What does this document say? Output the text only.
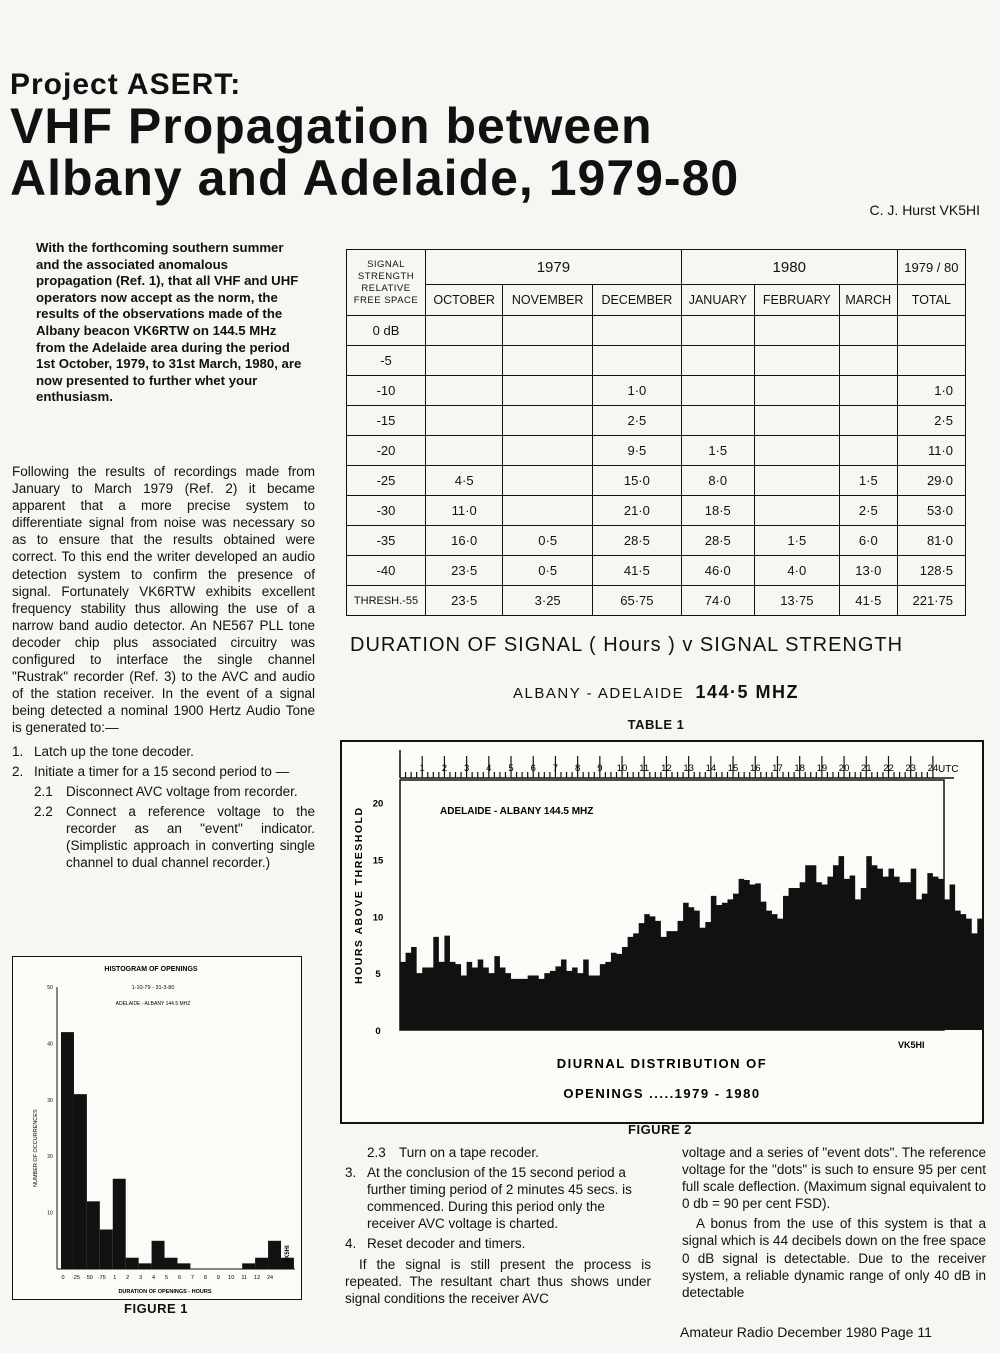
Project ASERT:
VHF Propagation between
Albany and Adelaide, 1979-80
C. J. Hurst VK5HI
With the forthcoming southern summer and the associated anomalous propagation (Ref. 1), that all VHF and UHF operators now accept as the norm, the results of the observations made of the Albany beacon VK6RTW on 144.5 MHz from the Adelaide area during the period 1st October, 1979, to 31st March, 1980, are now presented to further whet your enthusiasm.

Following the results of recordings made from January to March 1979 (Ref. 2) it became apparent that a more precise system to differentiate signal from noise was necessary so as to ensure that the results obtained were correct. To this end the writer developed an audio detection system to confirm the presence of signal. Fortunately VK6RTW exhibits excellent frequency stability thus allowing the use of a narrow band audio detector. An NE567 PLL tone decoder chip plus associated circuitry was configured to interface the single channel "Rustrak" recorder (Ref. 3) to the AVC and audio of the station receiver. In the event of a signal being detected a nominal 1900 Hertz Audio Tone is generated to:—

1. Latch up the tone decoder.
2. Initiate a timer for a 15 second period to —
2.1 Disconnect AVC voltage from recorder.
2.2 Connect a reference voltage to the recorder as an "event" indicator. (Simplistic approach in converting single channel to dual channel recorder.)
SIGNAL
STRENGTH
RELATIVE
FREE SPACE	1979			1980			1979 / 80
	OCTOBER	NOVEMBER	DECEMBER	JANUARY	FEBRUARY	MARCH	TOTAL
0 dB							
-5							
-10			1·0				1·0
-15			2·5				2·5
-20			9·5	1·5			11·0
-25	4·5		15·0	8·0		1·5	29·0
-30	11·0		21·0	18·5		2·5	53·0
-35	16·0	0·5	28·5	28·5	1·5	6·0	81·0
-40	23·5	0·5	41·5	46·0	4·0	13·0	128·5
THRESH.-55	23·5	3·25	65·75	74·0	13·75	41·5	221·75
DURATION OF SIGNAL ( Hours ) v SIGNAL STRENGTH
ALBANY - ADELAIDE 144·5 MHZ
TABLE 1
1 2 3 4 5 6 7 8 9 10 11 12 13 14 15 16 17 18 19 20 21 22 23 24
0
5
10
15
20
UTC
ADELAIDE - ALBANY 144.5 MHZ
HOURS ABOVE THRESHOLD
VK5HI
DIURNAL DISTRIBUTION OF
OPENINGS .....1979 - 1980
FIGURE 2
HISTOGRAM OF OPENINGS
1-10-79 - 31-3-80
ADELAIDE - ALBANY 144.5 MHZ
0 ·25 ·50 ·75 1 2 3 4 5 6 7 8 9 10 11 12 24
10
20
30
40
50
NUMBER OF OCCURRENCES
DURATION OF OPENINGS - HOURS
VK5HI
FIGURE 1
2.3 Turn on a tape recoder.
3. At the conclusion of the 15 second period a further timing period of 2 minutes 45 secs. is commenced. During this period only the receiver AVC voltage is charted.
4. Reset decoder and timers.

If the signal is still present the process is repeated. The resultant chart thus shows under signal conditions the receiver AVC

voltage and a series of "event dots". The reference voltage for the "dots" is such to ensure 95 per cent full scale deflection. (Maximum signal equivalent to 0 db = 90 per cent FSD).

A bonus from the use of this system is that a signal which is 44 decibels down on the free space 0 dB signal is detectable. Due to the receiver system, a reliable dynamic range of only 40 dB in detectable

Amateur Radio December 1980 Page 11
